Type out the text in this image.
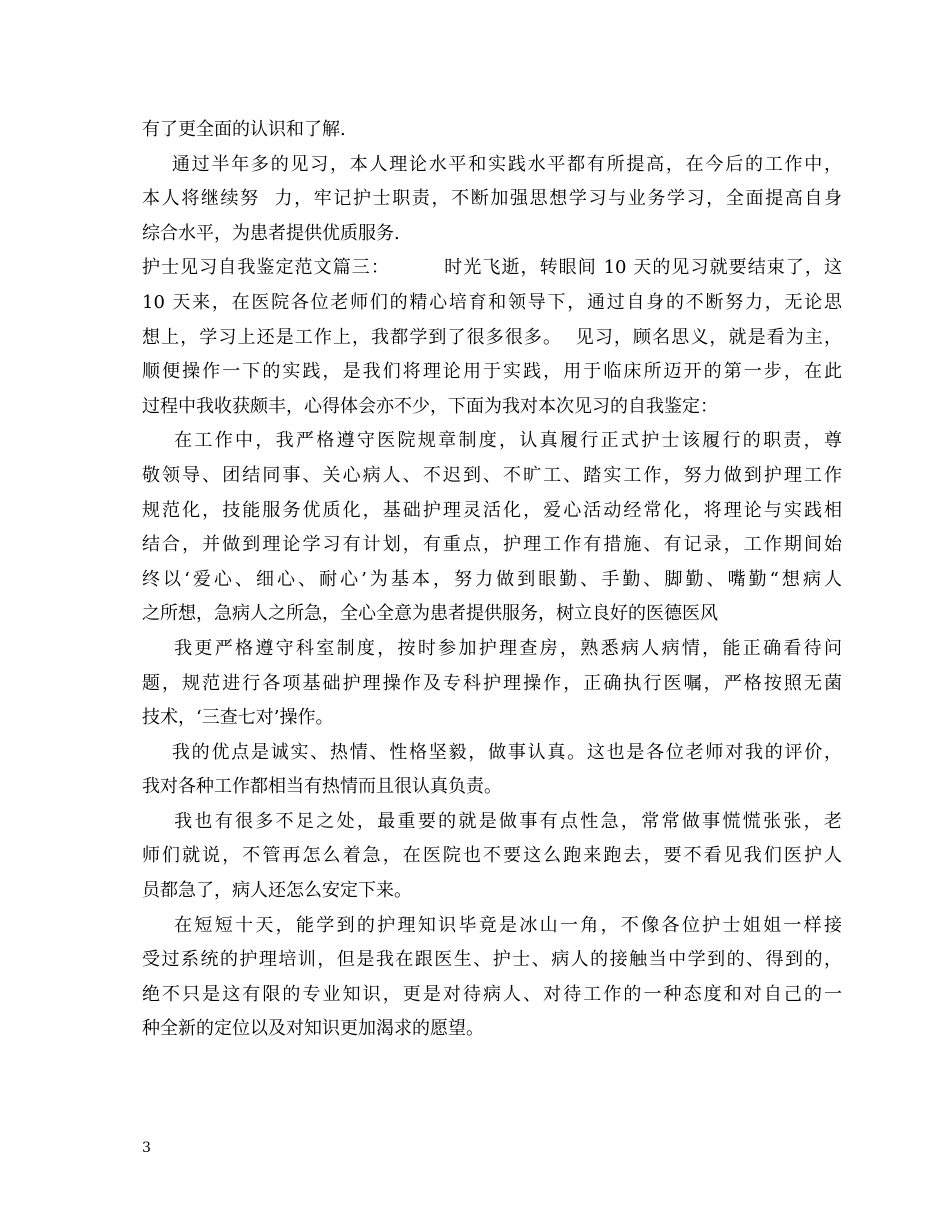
有了更全面的认识和了解.
通过半年多的见习，本人理论水平和实践水平都有所提高，在今后的工作中，
本人将继续努  力，牢记护士职责，不断加强思想学习与业务学习，全面提高自身
综合水平，为患者提供优质服务.
护士见习自我鉴定范文篇三：        时光飞逝，转眼间 10 天的见习就要结束了，这
10 天来，在医院各位老师们的精心培育和领导下，通过自身的不断努力，无论思
想上，学习上还是工作上，我都学到了很多很多。  见习，顾名思义，就是看为主，
顺便操作一下的实践，是我们将理论用于实践，用于临床所迈开的第一步，在此
过程中我收获颇丰，心得体会亦不少，下面为我对本次见习的自我鉴定：
在工作中，我严格遵守医院规章制度，认真履行正式护士该履行的职责，尊
敬领导、团结同事、关心病人、不迟到、不旷工、踏实工作，努力做到护理工作
规范化，技能服务优质化，基础护理灵活化，爱心活动经常化，将理论与实践相
结合，并做到理论学习有计划，有重点，护理工作有措施、有记录，工作期间始
终以‘爱心、细心、耐心’为基本，努力做到眼勤、手勤、脚勤、嘴勤“想病人
之所想，急病人之所急，全心全意为患者提供服务，树立良好的医德医风
我更严格遵守科室制度，按时参加护理查房，熟悉病人病情，能正确看待问
题，规范进行各项基础护理操作及专科护理操作，正确执行医嘱，严格按照无菌
技术，‘三查七对’操作。
我的优点是诚实、热情、性格坚毅，做事认真。这也是各位老师对我的评价，
我对各种工作都相当有热情而且很认真负责。
我也有很多不足之处，最重要的就是做事有点性急，常常做事慌慌张张，老
师们就说，不管再怎么着急，在医院也不要这么跑来跑去，要不看见我们医护人
员都急了，病人还怎么安定下来。
在短短十天，能学到的护理知识毕竟是冰山一角，不像各位护士姐姐一样接
受过系统的护理培训，但是我在跟医生、护士、病人的接触当中学到的、得到的，
绝不只是这有限的专业知识，更是对待病人、对待工作的一种态度和对自己的一
种全新的定位以及对知识更加渴求的愿望。
3
